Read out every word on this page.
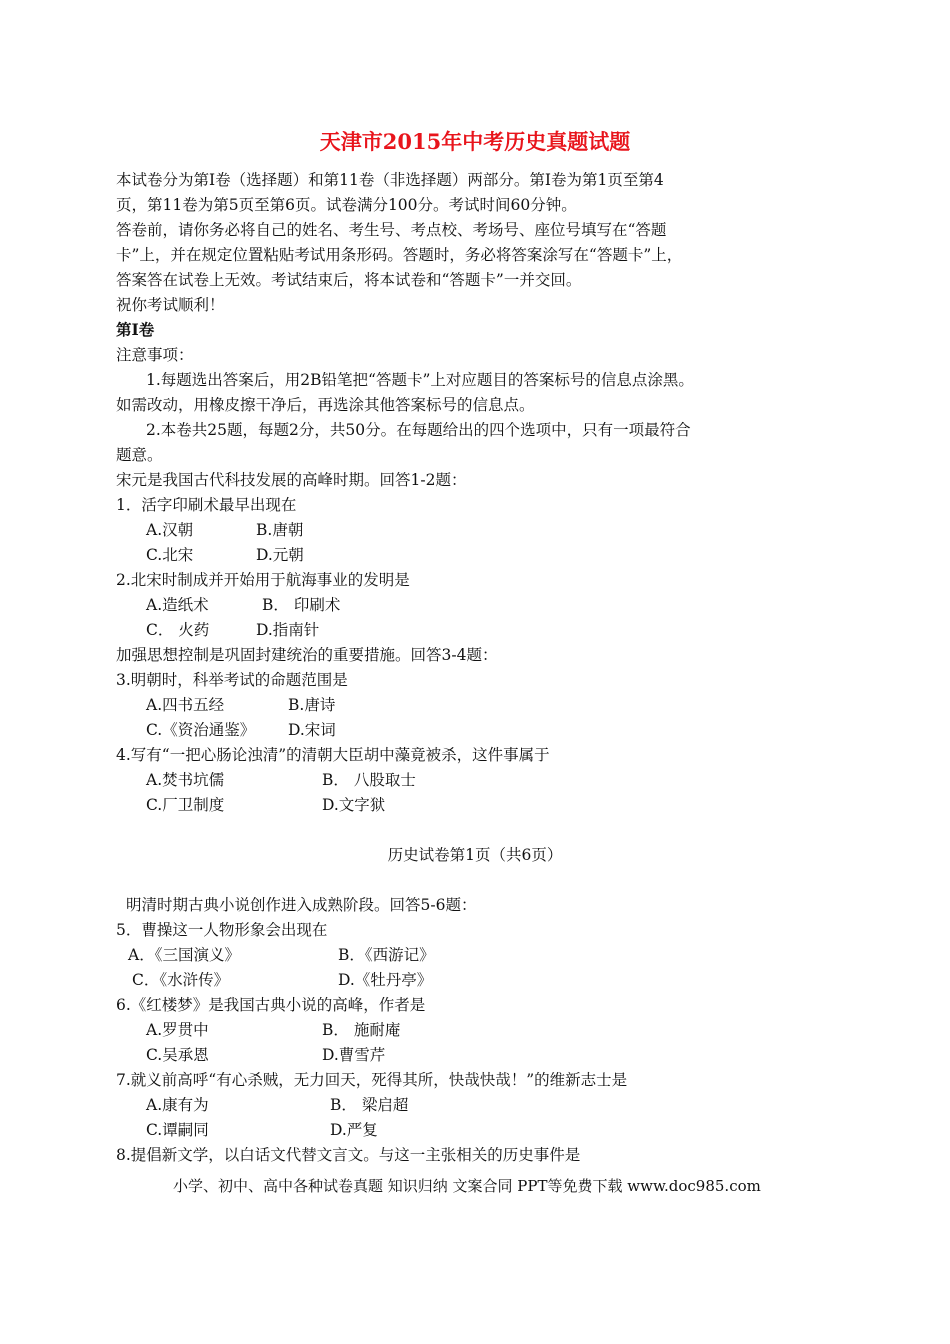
天津市2015年中考历史真题试题
本试卷分为第Ⅰ卷（选择题）和第11卷（非选择题）两部分。第Ⅰ卷为第1页至第4
页，第11卷为第5页至第6页。试卷满分100分。考试时间60分钟。
答卷前，请你务必将自己的姓名、考生号、考点校、考场号、座位号填写在“答题
卡”上，并在规定位置粘贴考试用条形码。答题时，务必将答案涂写在“答题卡”上，
答案答在试卷上无效。考试结束后，将本试卷和“答题卡”一并交回。
祝你考试顺利！
第Ⅰ卷
注意事项：
1.每题选出答案后，用2B铅笔把“答题卡”上对应题目的答案标号的信息点涂黑。
如需改动，用橡皮擦干净后，再选涂其他答案标号的信息点。
2.本卷共25题，每题2分，共50分。在每题给出的四个选项中，只有一项最符合
题意。
宋元是我国古代科技发展的高峰时期。回答1-2题：
1．活字印刷术最早出现在
A.汉朝	B.唐朝
C.北宋	D.元朝
2.北宋时制成并开始用于航海事业的发明是
A.造纸术	B． 印刷术
C． 火药	D.指南针
加强思想控制是巩固封建统治的重要措施。回答3-4题：
3.明朝时，科举考试的命题范围是
A.四书五经	B.唐诗
C.《资治通鉴》 D.宋词
4.写有“一把心肠论浊清”的清朝大臣胡中藻竟被杀，这件事属于
A.焚书坑儒	B． 八股取士
C.厂卫制度	D.文字狱
历史试卷第1页（共6页）
明清时期古典小说创作进入成熟阶段。回答5-6题：
5．曹操这一人物形象会出现在
A．《三国演义》	B．《西游记》
C．《水浒传》	D.《牡丹亭》
6.《红楼梦》是我国古典小说的高峰，作者是
A.罗贯中	B． 施耐庵
C.吴承恩	D.曹雪芹
7.就义前高呼“有心杀贼，无力回天，死得其所，快哉快哉！”的维新志士是
A.康有为	B． 梁启超
C.谭嗣同	D.严复
8.提倡新文学，以白话文代替文言文。与这一主张相关的历史事件是
小学、初中、高中各种试卷真题 知识归纳 文案合同 PPT等免费下载 www.doc985.com
